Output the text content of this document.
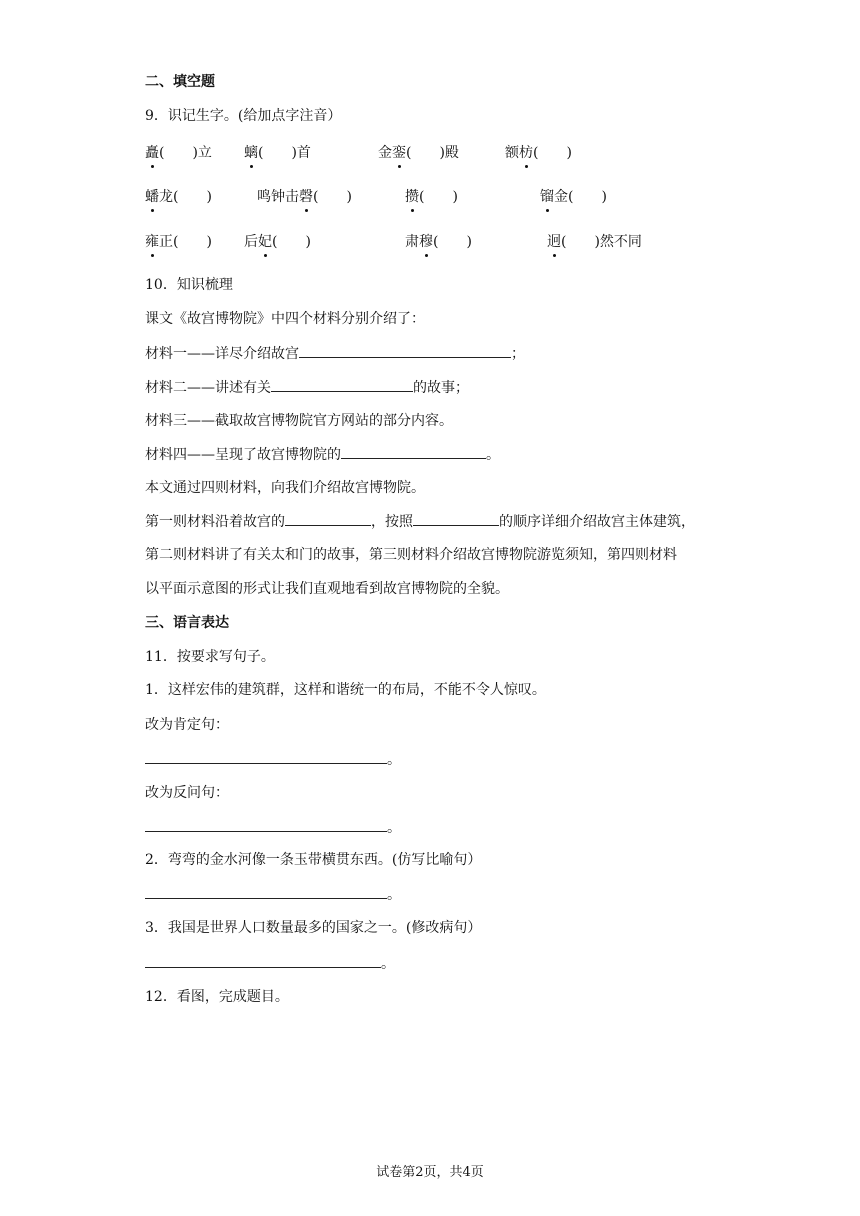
二、填空题
9．识记生字。(给加点字注音）
矗(　　)立 螭(　　)首	金銮(　　)殿	额枋(　　)
蟠龙(　　)	鸣钟击磬(　　)	攒(　　)	镏金(　　)
雍正(　　) 后妃(　　)	肃穆(　　)	迥(　　)然不同
10．知识梳理
课文《故宫博物院》中四个材料分别介绍了：
材料一——详尽介绍故宫	；
材料二——讲述有关	的故事；
材料三——截取故宫博物院官方网站的部分内容。
材料四——呈现了故宫博物院的	。
本文通过四则材料，向我们介绍故宫博物院。
第一则材料沿着故宫的	，按照	的顺序详细介绍故宫主体建筑，
第二则材料讲了有关太和门的故事，第三则材料介绍故宫博物院游览须知，第四则材料
以平面示意图的形式让我们直观地看到故宫博物院的全貌。
三、语言表达
11．按要求写句子。
1．这样宏伟的建筑群，这样和谐统一的布局，不能不令人惊叹。
改为肯定句：
。
改为反问句：
。
2．弯弯的金水河像一条玉带横贯东西。(仿写比喻句）
。
3．我国是世界人口数量最多的国家之一。(修改病句）
。
12．看图，完成题目。
试卷第2页，共4页
